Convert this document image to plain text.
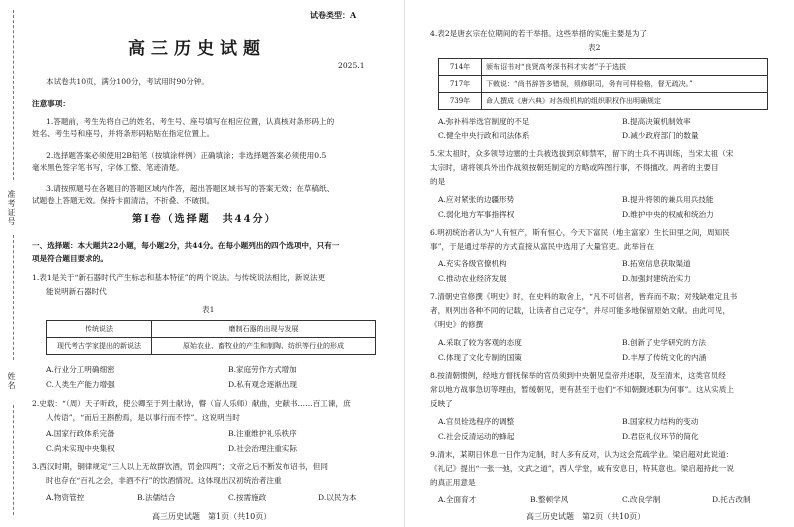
准考证号
姓名
试卷类型：A
高三历史试题
2025.1
本试卷共10页，满分100分，考试用时90分钟。
注意事项：
1.答题前，考生先将自己的姓名、考生号、座号填写在相应位置，认真核对条形码上的
姓名、考生号和座号，并将条形码粘贴在指定位置上。
2.选择题答案必须使用2B铅笔（按填涂样例）正确填涂；非选择题答案必须使用0.5
毫米黑色签字笔书写，字体工整、笔迹清楚。
3.请按照题号在各题目的答题区域内作答，超出答题区域书写的答案无效；在草稿纸、
试题卷上答题无效。保持卡面清洁，不折叠、不破损。
第Ⅰ卷（选择题　共44分）
一、选择题：本大题共22小题，每小题2分，共44分。在每小题列出的四个选项中，只有一
项是符合题目要求的。
1.表1是关于“新石器时代产生标志和基本特征”的两个说法。与传统说法相比，新说法更
能说明新石器时代
表1
传统说法	磨制石器的出现与发展
现代考古学家提出的新说法	原始农业、畜牧业的产生和制陶、纺织等行业的形成
A.行业分工明确细密	B.家庭劳作方式增加
C.人类生产能力增强	D.私有观念逐渐出现
2.史载：“（周）天子听政，使公卿至于列士献诗，瞽（盲人乐师）献曲，史献书……百工谏，庶
人传语”，“而后王斟酌焉，是以事行而不悖”。这说明当时
A.国家行政体系完备	B.注重维护礼乐秩序
C.尚未实现中央集权	D.社会治理注重实际
3.西汉时期，铜律规定“三人以上无故群饮酒，罚金四两”；文帝之后不断发布诏书，但同
时也存在“百礼之会，非酒不行”的饮酒情况。这体现出汉初统治者注重
A.物资管控	B.法儒结合	C.按需施政	D.以民为本
高三历史试题　第1页（共10页）
4.表2是唐玄宗在位期间的若干举措。这些举措的实施主要是为了
表2
714年	颁布诏书对“良贤高考深书科才实者”予于选拔
717年	下敕说：“尚书辞答多错误，须修职司，务有可样检格，督无疏决。”
739年	命人撰成《唐六典》对各级机构的组织职权作出明确规定
A.弥补科举选官制度的不足	B.提高决策机制效率
C.健全中央行政和司法体系	D.减少政府部门的数量
5.宋太祖时，众多领导边塞的士兵被选拔到京师禁军，留下的士兵不再训练，当宋太祖（宋
太宗时，诸将领兵外出作战须按朝廷制定的方略或阵图行事，不得擅改。两者的主要目
的是
A.应对紧张的边疆形势	B.提升将领的兼兵用兵技能
C.弱化地方军事指挥权	D.维护中央的权威和统治力
6.明初统治者认为“人有恒产，斯有恒心，今天下富民（地主富家）生长田里之间，周知民
事”，于是通过举荐的方式直接从富民中选用了大量官吏。此举旨在
A.充实各级官僚机构	B.拓宽信息获取渠道
C.推动农业经济发展	D.加强封建统治实力
7.清朝史官修撰《明史》时，在史料的取舍上，“凡不可信者，皆弃而不取；对残缺难定且书
者，则列出各种不同的记载，让读者自己定夺”，并尽可能多地保留原始文献。由此可见，
《明史》的修撰
A.采取了较为客观的态度	B.创新了史学研究的方法
C.体现了文化专制的国策	D.丰厚了传统文化的内涵
8.按清朝惯例，经地方督抚保举的官员须到中央朝见皇帝并述职，及至清末，这类官员经
常以地方战事急切等理由，暂缓朝见，更有甚至于也们“不知朝觐述职为何事”。这从实质上
反映了
A.官员铨选程序的调整	B.国家权力结构的变动
C.社会反清运动的蜂起	D.君臣礼仪环节的简化
9.清末，某期日休息一日作为定制，时人多有反对，认为这会荒疏学业。梁启超对此说道：
《礼记》提出“一张一弛，文武之道”，西人学堂，咸有安息日，特其意也。梁启超持此一说
的真正用意是
A.全面育才	B.整顿学风	C.改良学制	D.托古改制
高三历史试题　第2页（共10页）
